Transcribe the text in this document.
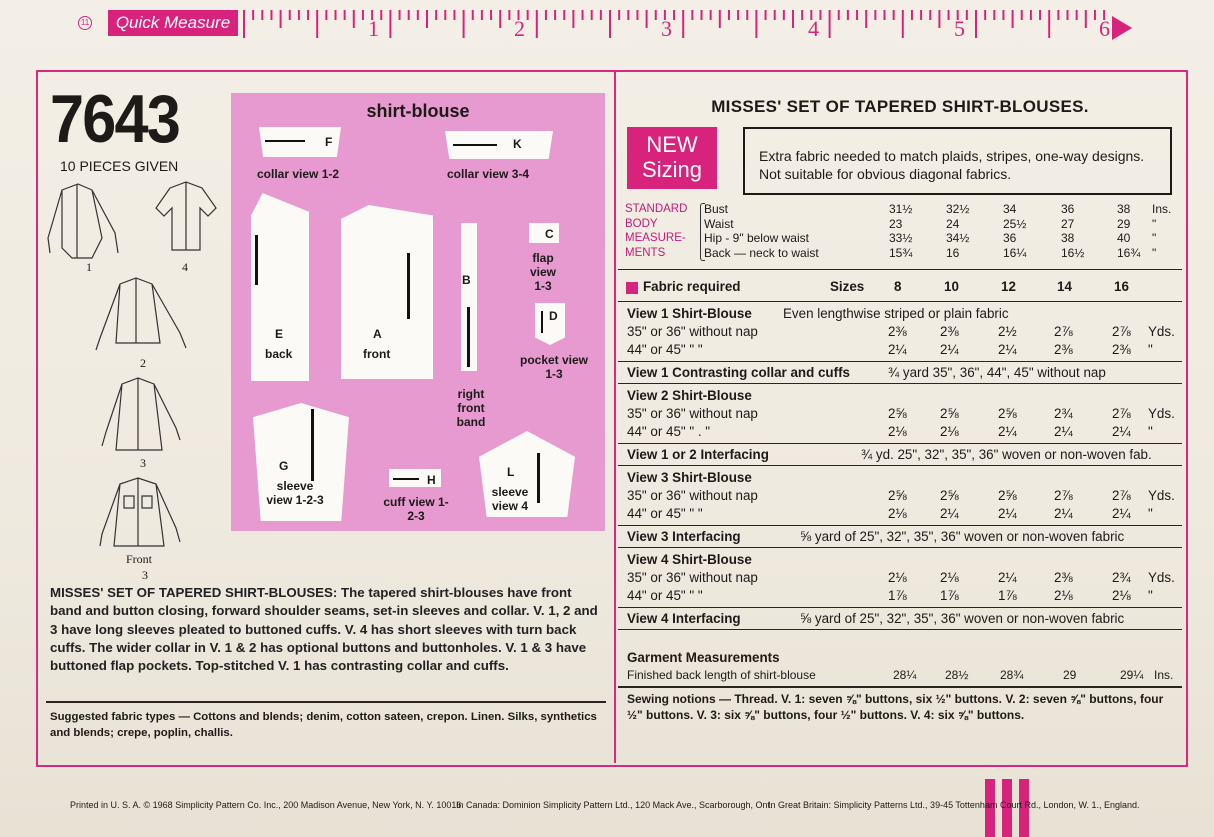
11	Quick Measure	1	2	3	4	5	6
7643
10 PIECES GIVEN
1	4
2
3
Front
3
shirt-blouse
F
collar view 1-2
K
collar view 3-4
E
back
A
front
B
right front band
C
flap view 1-3
D
pocket view 1-3
G
sleeve view 1-2-3
H
cuff view 1-2-3
L
sleeve view 4
MISSES' SET OF TAPERED SHIRT-BLOUSES: The tapered shirt-blouses have front band and button closing, forward shoulder seams, set-in sleeves and collar. V. 1, 2 and 3 have long sleeves pleated to buttoned cuffs. V. 4 has short sleeves with turn back cuffs. The wider collar in V. 1 & 2 has optional buttons and buttonholes. V. 1 & 3 have buttoned flap pockets. Top-stitched V. 1 has contrasting collar and cuffs.
Suggested fabric types — Cottons and blends; denim, cotton sateen, crepon. Linen. Silks, synthetics and blends; crepe, poplin, challis.
MISSES' SET OF TAPERED SHIRT-BLOUSES.
NEW
Sizing
Extra fabric needed to match plaids, stripes, one-way designs.
Not suitable for obvious diagonal fabrics.
STANDARD
BODY
MEASURE-
MENTS
Bust	31½	32½	34	36	38 Ins.
Waist	23	24	25½	27	29 "
Hip - 9" below waist	33½	34½	36	38	40 "
Back — neck to waist	15¾	16	16¼	16½	16¾ "
Fabric required	Sizes 8	10	12	14	16
View 1 Shirt-Blouse Even lengthwise striped or plain fabric
35" or 36" without nap	2⅜ 2⅜	2½	2⅞	2⅞ Yds.
44" or 45" " "	2¼ 2¼	2¼	2⅜	2⅜ "
View 1 Contrasting collar and cuffs	¾ yard 35", 36", 44", 45" without nap
View 2 Shirt-Blouse
35" or 36" without nap	2⅝ 2⅝	2⅝	2¾	2⅞ Yds.
44" or 45" " . "	2⅛ 2⅛	2¼	2¼	2¼ "
View 1 or 2 Interfacing	¾ yd. 25", 32", 35", 36" woven or non-woven fab.
View 3 Shirt-Blouse
35" or 36" without nap	2⅝ 2⅝	2⅝	2⅞	2⅞ Yds.
44" or 45" " "	2⅛ 2¼	2¼	2¼	2¼ "
View 3 Interfacing	⅝ yard of 25", 32", 35", 36" woven or non-woven fabric
View 4 Shirt-Blouse
35" or 36" without nap	2⅛ 2⅛	2¼	2⅜	2¾ Yds.
44" or 45" " "	1⅞ 1⅞	1⅞	2⅛	2⅛ "
View 4 Interfacing	⅝ yard of 25", 32", 35", 36" woven or non-woven fabric
Garment Measurements
Finished back length of shirt-blouse	28¼ 28½	28¾	29	29¼ Ins.
Sewing notions — Thread. V. 1: seven ⅝" buttons, six ½" buttons. V. 2: seven ⅝" buttons, four ½" buttons. V. 3: six ⅝" buttons, four ½" buttons. V. 4: six ⅝" buttons.
Printed in U. S. A. © 1968 Simplicity Pattern Co. Inc., 200 Madison Avenue, New York, N. Y. 10016
In Canada: Dominion Simplicity Pattern Ltd., 120 Mack Ave., Scarborough, Ont.
In Great Britain: Simplicity Patterns Ltd., 39-45 Tottenham Court Rd., London, W. 1., England.
